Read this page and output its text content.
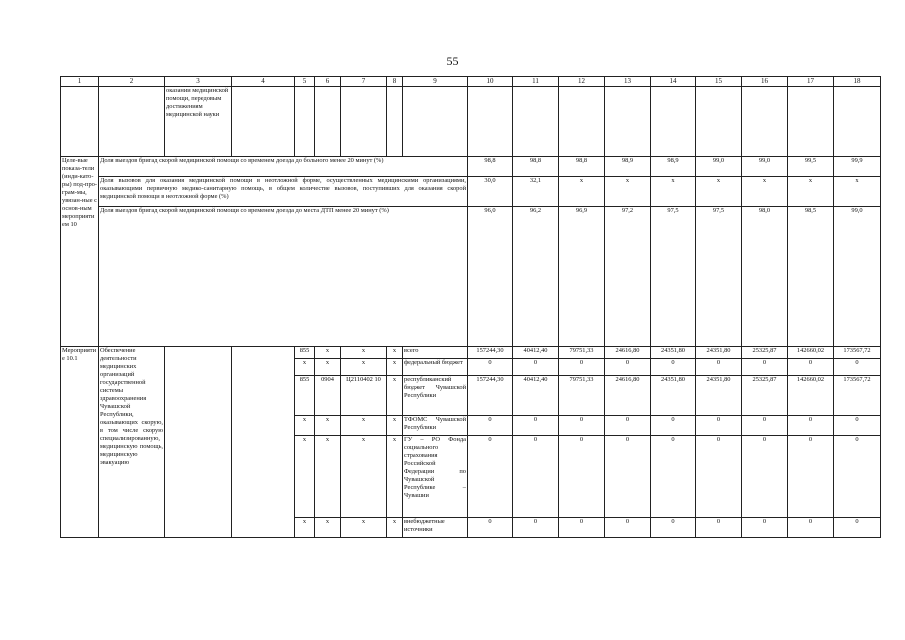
55
1	2	3	4	5	6	7	8	9	10	11	12	13	14	15	16	17	18
		оказании медицинской помощи, передовым достижениям медицинской науки															
Целе-вые показа-тели (инди-като-ры) под-про-грам-мы, увязан-ные с основ-ным мероприятием 10	Доля выездов бригад скорой медицинской помощи со временем доезда до больного менее 20 минут (%)								98,8	98,8	98,8	98,9	98,9	99,0	99,0	99,5	99,9
	Доля вызовов для оказания медицинской помощи в неотложной форме, осуществленных медицинскими организациями, оказывающими первичную медико-санитарную помощь, в общем количестве вызовов, поступивших для оказания скорой медицинской помощи в неотложной форме (%)								30,0	32,1	x	x	x	x	x	x	x
	Доля выездов бригад скорой медицинской помощи со временем доезда до места ДТП менее 20 минут (%)								96,0	96,2	96,9	97,2	97,5	97,5	98,0	98,5	99,0
Мероприятие 10.1	Обеспечение деятельности медицинских организаций государственной системы здравоохранения Чувашской Республики, оказывающих скорую, в том числе скорую специализированную, медицинскую помощь, медицинскую эвакуацию			855	x	x	x	всего	157244,30	40412,40	79751,33	24616,80	24351,80	24351,80	25325,87	142660,02	173567,72
				x	x	x	x	федеральный бюджет	0	0	0	0	0	0	0	0	0
				855	0904	Ц2110402 10	x	республиканский бюджет Чувашской Республики	157244,30	40412,40	79751,33	24616,80	24351,80	24351,80	25325,87	142660,02	173567,72
				x	x	x	x	ТФОМС Чувашской Республики	0	0	0	0	0	0	0	0	0
				x	x	x	x	ГУ – РО Фонда социального страхования Российской Федерации по Чувашской Республике – Чувашии	0	0	0	0	0	0	0	0	0
				x	x	x	x	внебюджетные источники	0	0	0	0	0	0	0	0	0
